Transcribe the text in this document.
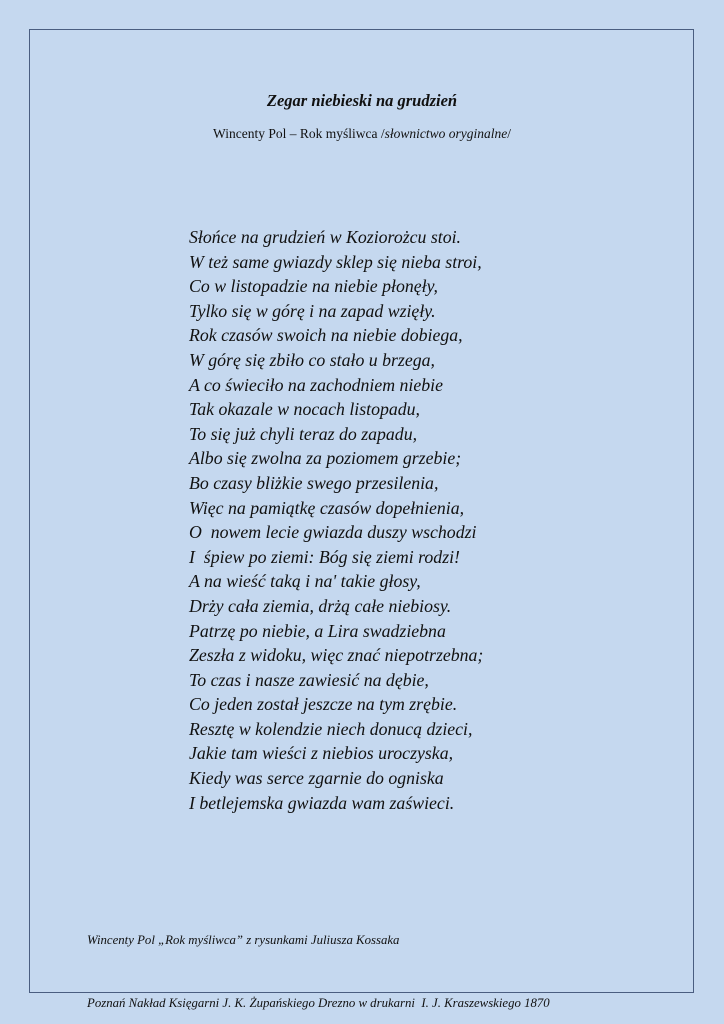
Zegar niebieski na grudzień

Wincenty Pol – Rok myśliwca /słownictwo oryginalne/

Słońce na grudzień w Koziorożcu stoi.
W też same gwiazdy sklep się nieba stroi,
Co w listopadzie na niebie płonęły,
Tylko się w górę i na zapad wzięły.
Rok czasów swoich na niebie dobiega,
W górę się zbiło co stało u brzega,
A co świeciło na zachodniem niebie
Tak okazale w nocach listopadu,
To się już chyli teraz do zapadu,
Albo się zwolna za poziomem grzebie;
Bo czasy bliżkie swego przesilenia,
Więc na pamiątkę czasów dopełnienia,
O  nowem lecie gwiazda duszy wschodzi
I  śpiew po ziemi: Bóg się ziemi rodzi!
A na wieść taką i na' takie głosy,
Drży cała ziemia, drżą całe niebiosy.
Patrzę po niebie, a Lira swadziebna
Zeszła z widoku, więc znać niepotrzebna;
To czas i nasze zawiesić na dębie,
Co jeden został jeszcze na tym zrębie.
Resztę w kolendzie niech donucą dzieci,
Jakie tam wieści z niebios uroczyska,
Kiedy was serce zgarnie do ogniska
I betlejemska gwiazda wam zaświeci.

Wincenty Pol „Rok myśliwca” z rysunkami Juliusza Kossaka

Poznań Nakład Księgarni J. K. Żupańskiego Drezno w drukarni  I. J. Kraszewskiego 1870
